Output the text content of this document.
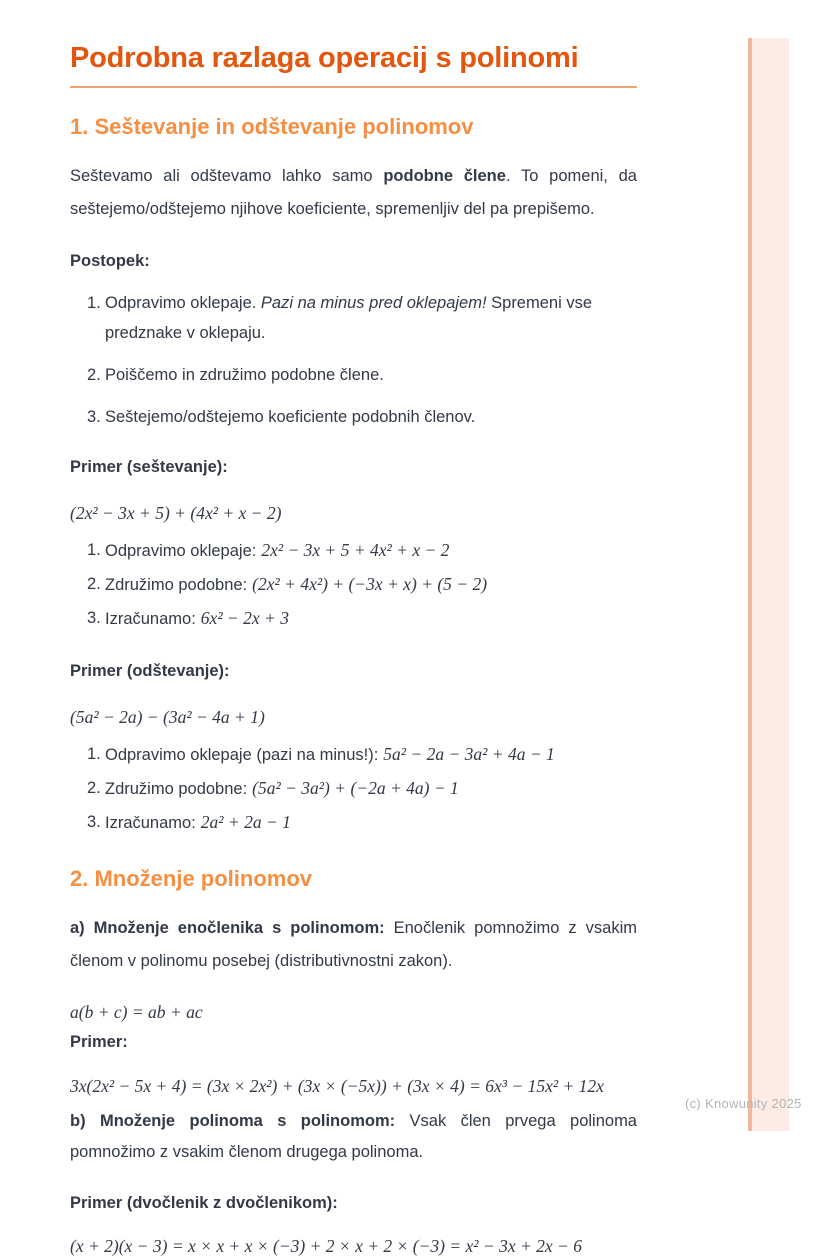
Podrobna razlaga operacij s polinomi
1. Seštevanje in odštevanje polinomov

Seštevamo ali odštevamo lahko samo podobne člene. To pomeni, da seštejemo/odštejemo njihove koeficiente, spremenljiv del pa prepišemo.

Postopek:

Odpravimo oklepaje. Pazi na minus pred oklepajem! Spremeni vse predznake v oklepaju.
Poiščemo in združimo podobne člene.
Seštejemo/odštejemo koeficiente podobnih členov.

Primer (seštevanje):

(2x² − 3x + 5) + (4x² + x − 2)

Odpravimo oklepaje: 2x² − 3x + 5 + 4x² + x − 2
Združimo podobne: (2x² + 4x²) + (−3x + x) + (5 − 2)
Izračunamo: 6x² − 2x + 3

Primer (odštevanje):

(5a² − 2a) − (3a² − 4a + 1)

Odpravimo oklepaje (pazi na minus!): 5a² − 2a − 3a² + 4a − 1
Združimo podobne: (5a² − 3a²) + (−2a + 4a) − 1
Izračunamo: 2a² + 2a − 1
2. Množenje polinomov

a) Množenje enočlenika s polinomom: Enočlenik pomnožimo z vsakim členom v polinomu posebej (distributivnostni zakon).

a(b + c) = ab + ac

Primer:

3x(2x² − 5x + 4) = (3x × 2x²) + (3x × (−5x)) + (3x × 4) = 6x³ − 15x² + 12x

b) Množenje polinoma s polinomom: Vsak člen prvega polinoma pomnožimo z vsakim členom drugega polinoma.

Primer (dvočlenik z dvočlenikom):

(x + 2)(x − 3) = x × x + x × (−3) + 2 × x + 2 × (−3) = x² − 3x + 2x − 6

(c) Knowunity 2025
